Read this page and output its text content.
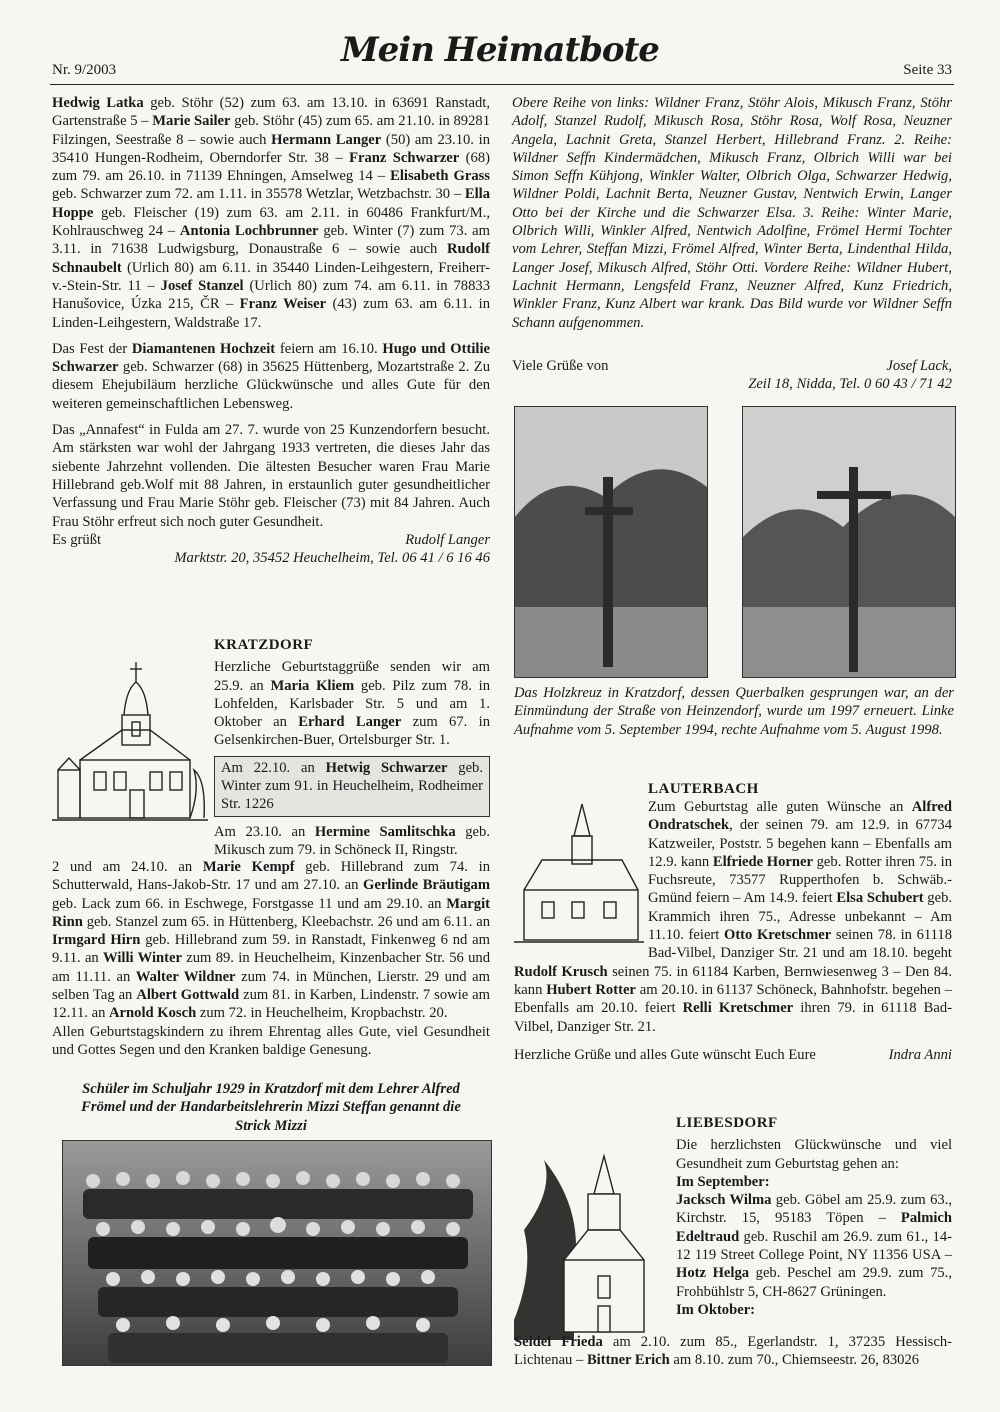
Nr. 9/2003	Mein Heimatbote	Seite 33

Hedwig Latka geb. Stöhr (52) zum 63. am 13.10. in 63691 Ranstadt, Gartenstraße 5 – Marie Sailer geb. Stöhr (45) zum 65. am 21.10. in 89281 Filzingen, Seestraße 8 – sowie auch Hermann Langer (50) am 23.10. in 35410 Hungen-Rodheim, Oberndorfer Str. 38 – Franz Schwarzer (68) zum 79. am 26.10. in 71139 Ehningen, Amselweg 14 – Elisabeth Grass geb. Schwarzer zum 72. am 1.11. in 35578 Wetzlar, Wetzbachstr. 30 – Ella Hoppe geb. Fleischer (19) zum 63. am 2.11. in 60486 Frankfurt/M., Kohlrauschweg 24 – Antonia Lochbrunner geb. Winter (7) zum 73. am 3.11. in 71638 Ludwigsburg, Donaustraße 6 – sowie auch Rudolf Schnaubelt (Urlich 80) am 6.11. in 35440 Linden-Leihgestern, Freiherr-v.-Stein-Str. 11 – Josef Stanzel (Urlich 80) zum 74. am 6.11. in 78833 Hanušovice, Úzka 215, ČR – Franz Weiser (43) zum 63. am 6.11. in Linden-Leihgestern, Waldstraße 17.

Das Fest der Diamantenen Hochzeit feiern am 16.10. Hugo und Ottilie Schwarzer geb. Schwarzer (68) in 35625 Hüttenberg, Mozartstraße 2. Zu diesem Ehejubiläum herzliche Glückwünsche und alles Gute für den weiteren gemeinschaftlichen Lebensweg.

Das „Annafest“ in Fulda am 27. 7. wurde von 25 Kunzendorfern besucht. Am stärksten war wohl der Jahrgang 1933 vertreten, die dieses Jahr das siebente Jahrzehnt vollenden. Die ältesten Besucher waren Frau Marie Hillebrand geb.Wolf mit 88 Jahren, in erstaunlich guter gesundheitlicher Verfassung und Frau Marie Stöhr geb. Fleischer (73) mit 84 Jahren. Auch Frau Stöhr erfreut sich noch guter Gesundheit.

Es grüßt	Rudolf Langer
Marktstr. 20, 35452 Heuchelheim, Tel. 06 41 / 6 16 46
KRATZDORF

Herzliche Geburtstaggrüße senden wir am 25.9. an Maria Kliem geb. Pilz zum 78. in Lohfelden, Karlsbader Str. 5 und am 1. Oktober an Erhard Langer zum 67. in Gelsenkirchen-Buer, Ortelsburger Str. 1.

Am 22.10. an Hetwig Schwarzer geb. Winter zum 91. in Heuchelheim, Rodheimer Str. 1226

Am 23.10. an Hermine Samlitschka geb. Mikusch zum 79. in Schöneck II, Ringstr.

2 und am 24.10. an Marie Kempf geb. Hillebrand zum 74. in Schutterwald, Hans-Jakob-Str. 17 und am 27.10. an Gerlinde Bräutigam geb. Lack zum 66. in Eschwege, Forstgasse 11 und am 29.10. an Margit Rinn geb. Stanzel zum 65. in Hüttenberg, Kleebachstr. 26 und am 6.11. an Irmgard Hirn geb. Hillebrand zum 59. in Ranstadt, Finkenweg 6 nd am 9.11. an Willi Winter zum 89. in Heuchelheim, Kinzenbacher Str. 56 und am 11.11. an Walter Wildner zum 74. in München, Lierstr. 29 und am selben Tag an Albert Gottwald zum 81. in Karben, Lindenstr. 7 sowie am 12.11. an Arnold Kosch zum 72. in Heuchelheim, Kropbachstr. 20.

Allen Geburtstagskindern zu ihrem Ehrentag alles Gute, viel Gesundheit und Gottes Segen und den Kranken baldige Genesung.

Schüler im Schuljahr 1929 in Kratzdorf mit dem Lehrer Alfred Frömel und der Handarbeitslehrerin Mizzi Steffan genannt die Strick Mizzi

Obere Reihe von links: Wildner Franz, Stöhr Alois, Mikusch Franz, Stöhr Adolf, Stanzel Rudolf, Mikusch Rosa, Stöhr Rosa, Wolf Rosa, Neuzner Angela, Lachnit Greta, Stanzel Herbert, Hillebrand Franz. 2. Reihe: Wildner Seffn Kindermädchen, Mikusch Franz, Olbrich Willi war bei Simon Seffn Kühjong, Winkler Walter, Olbrich Olga, Schwarzer Hedwig, Wildner Poldi, Lachnit Berta, Neuzner Gustav, Nentwich Erwin, Langer Otto bei der Kirche und die Schwarzer Elsa. 3. Reihe: Winter Marie, Olbrich Willi, Winkler Alfred, Nentwich Adolfine, Frömel Hermi Tochter vom Lehrer, Steffan Mizzi, Frömel Alfred, Winter Berta, Lindenthal Hilda, Langer Josef, Mikusch Alfred, Stöhr Otti. Vordere Reihe: Wildner Hubert, Lachnit Hermann, Lengsfeld Franz, Neuzner Alfred, Kunz Friedrich, Winkler Franz, Kunz Albert war krank. Das Bild wurde vor Wildner Seffn Schann aufgenommen.

Viele Grüße von	Josef Lack,
Zeil 18, Nidda, Tel. 0 60 43 / 71 42
Das Holzkreuz in Kratzdorf, dessen Querbalken gesprungen war, an der Einmündung der Straße von Heinzendorf, wurde um 1997 erneuert. Linke Aufnahme vom 5. September 1994, rechte Aufnahme vom 5. August 1998.
LAUTERBACH

Zum Geburtstag alle guten Wünsche an Alfred Ondratschek, der seinen 79. am 12.9. in 67734 Katzweiler, Poststr. 5 begehen kann – Ebenfalls am 12.9. kann Elfriede Horner geb. Rotter ihren 75. in Fuchsreute, 73577 Rupperthofen b. Schwäb.-Gmünd feiern – Am 14.9. feiert Elsa Schubert geb. Krammich ihren 75., Adresse unbekannt – Am 11.10. feiert Otto Kretschmer seinen 78. in 61118 Bad-Vilbel, Danziger Str. 21 und am 18.10. begeht Rudolf Krusch seinen 75. in 61184 Karben, Bernwiesenweg 3 – Den 84. kann Hubert Rotter am 20.10. in 61137 Schöneck, Bahnhofstr. begehen – Ebenfalls am 20.10. feiert Relli Kretschmer ihren 79. in 61118 Bad-Vilbel, Danziger Str. 21.

Herzliche Grüße und alles Gute wünscht Euch Eure	Indra Anni
LIEBESDORF

Die herzlichsten Glückwünsche und viel Gesundheit zum Geburtstag gehen an:

Im September:

Jacksch Wilma geb. Göbel am 25.9. zum 63., Kirchstr. 15, 95183 Töpen – Palmich Edeltraud geb. Ruschil am 26.9. zum 61., 14-12 119 Street College Point, NY 11356 USA – Hotz Helga geb. Peschel am 29.9. zum 75., Frohbühlstr 5, CH-8627 Grüningen.

Im Oktober:

Seidel Frieda am 2.10. zum 85., Egerlandstr. 1, 37235 Hessisch-Lichtenau – Bittner Erich am 8.10. zum 70., Chiemseestr. 26, 83026
